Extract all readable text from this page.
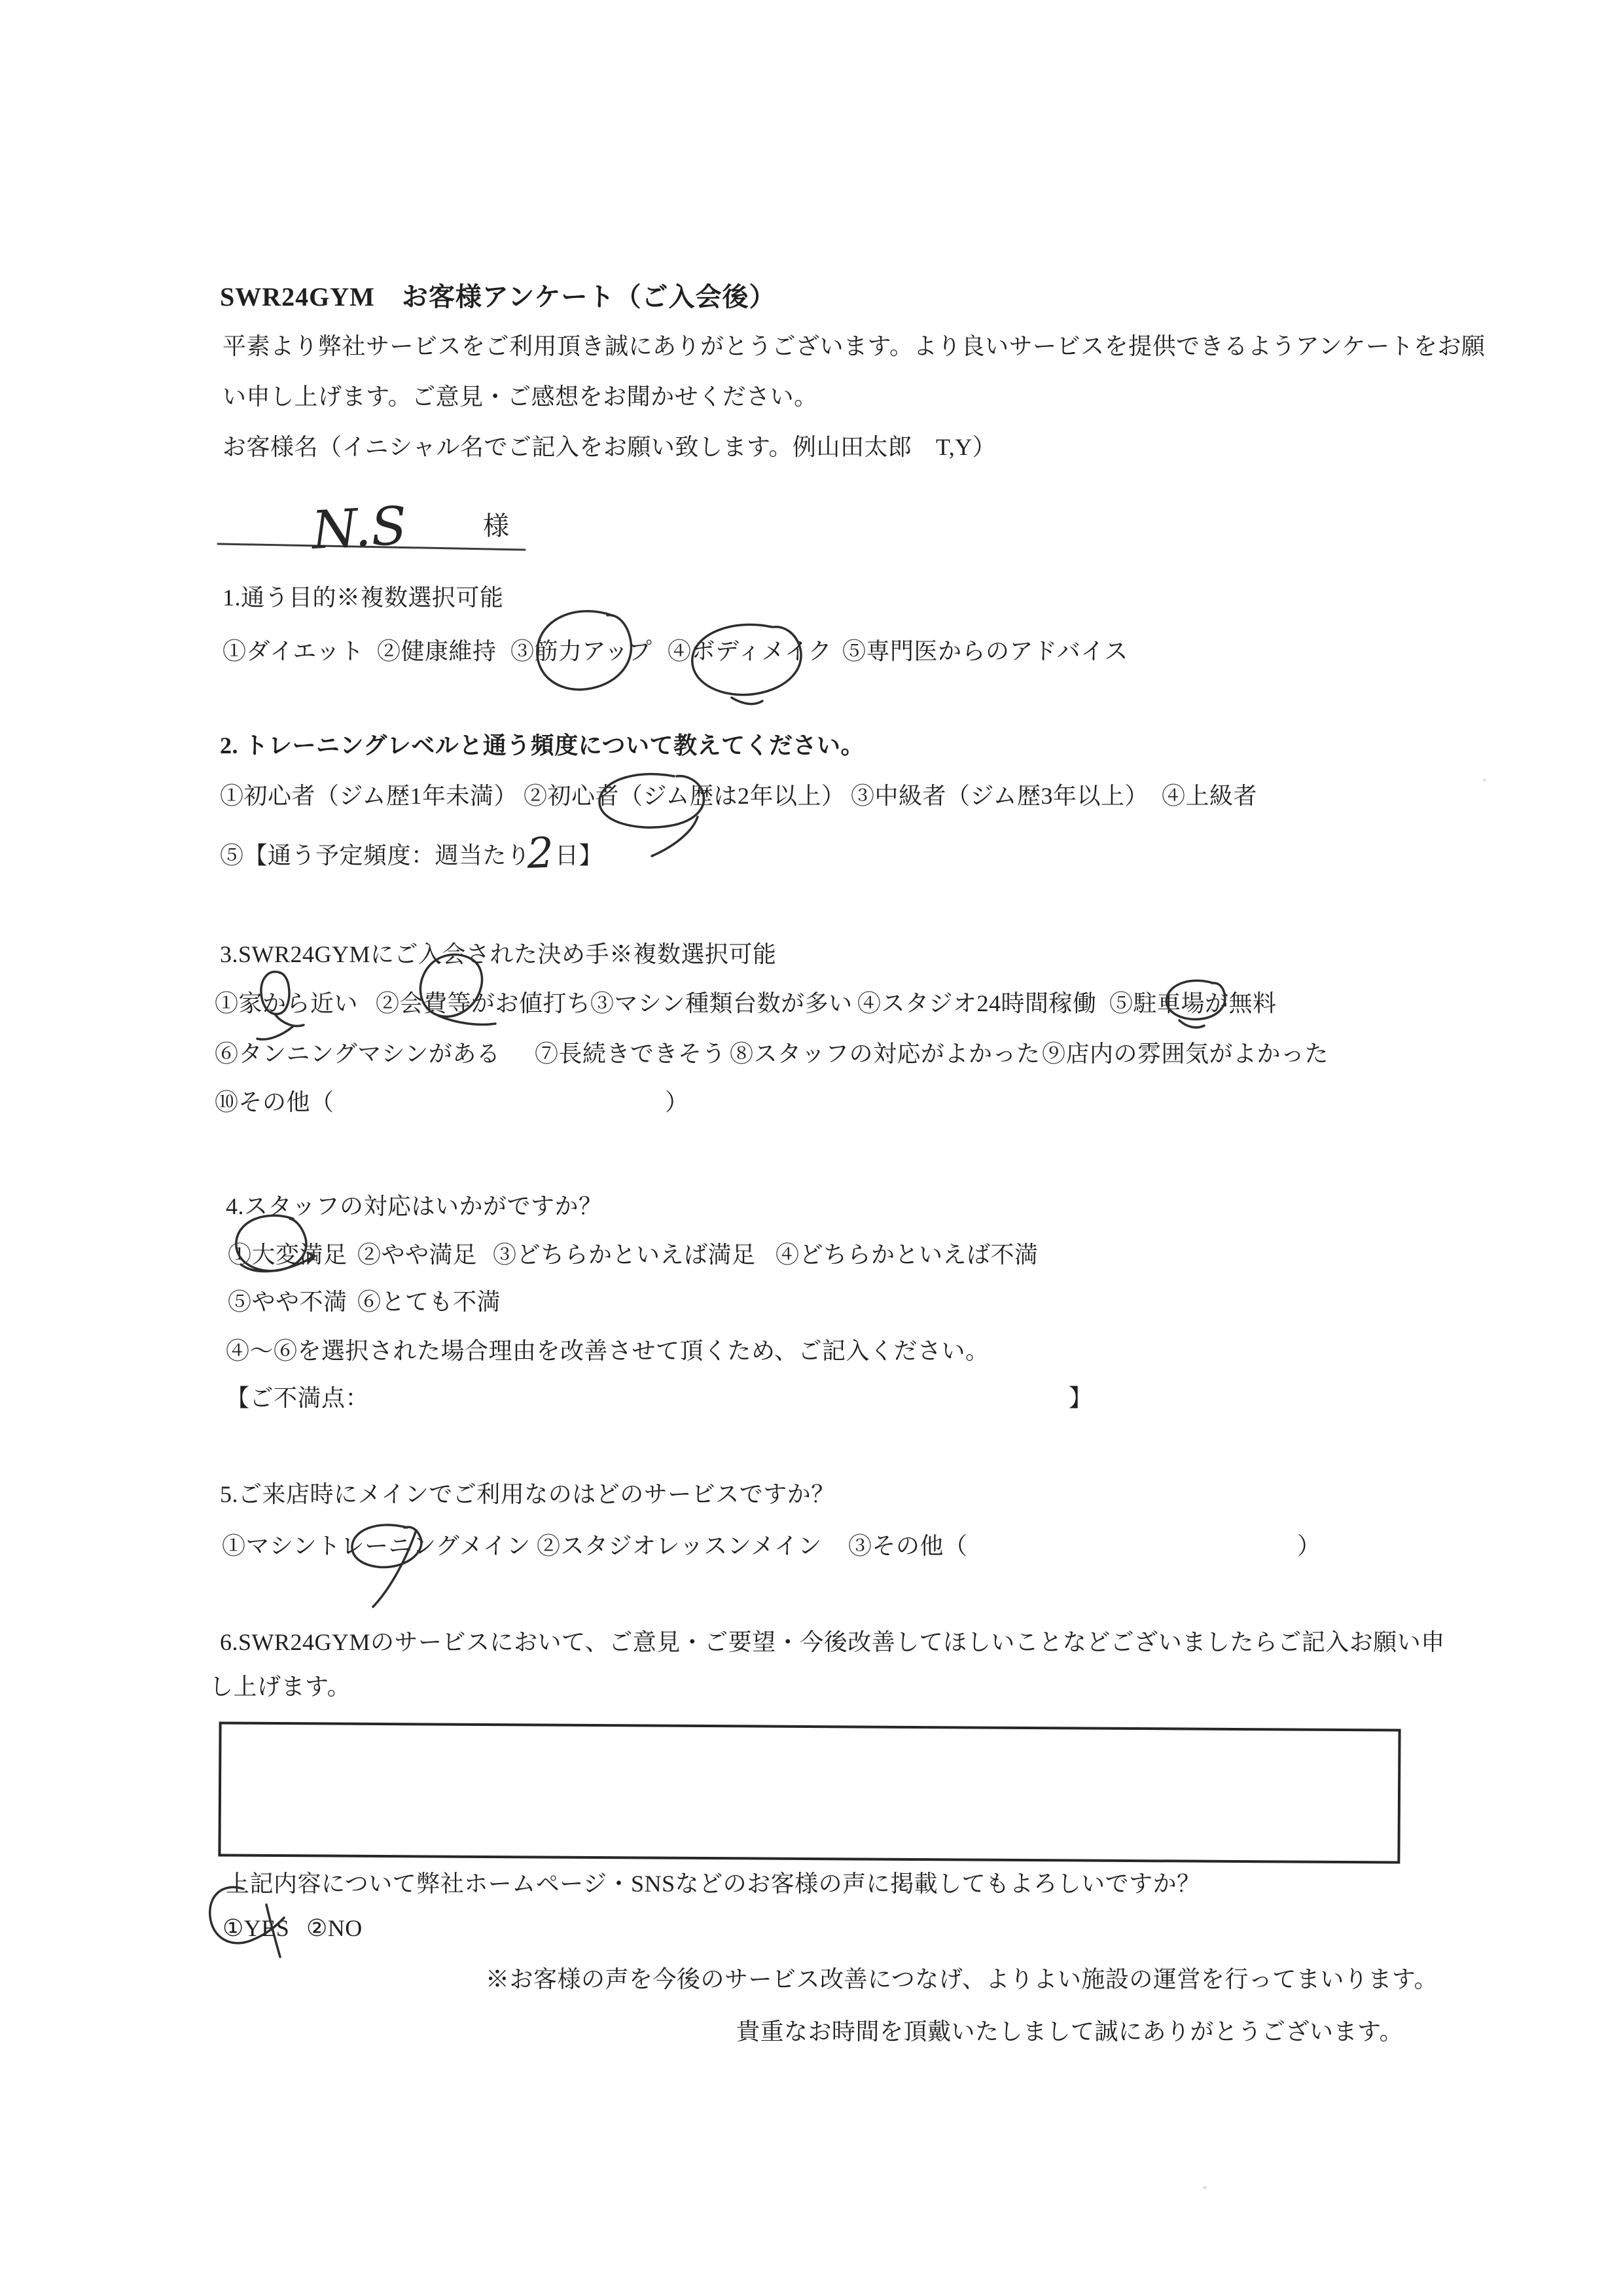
SWR24GYM　お客様アンケート（ご入会後）
平素より弊社サービスをご利用頂き誠にありがとうございます。より良いサービスを提供できるようアンケートをお願
い申し上げます。ご意見・ご感想をお聞かせください。
お客様名（イニシャル名でご記入をお願い致します。例山田太郎　T,Y）
様
1.通う目的※複数選択可能
①ダイエット ②健康維持 ③筋力アップ ④ボディメイク ⑤専門医からのアドバイス
2. トレーニングレベルと通う頻度について教えてください。
①初心者（ジム歴1年未満） ②初心者（ジム歴は2年以上） ③中級者（ジム歴3年以上） ④上級者
⑤【通う予定頻度：週当たり 日】
3.SWR24GYMにご入会された決め手※複数選択可能
①家から近い ②会費等がお値打ち ③マシン種類台数が多い ④スタジオ24時間稼働 ⑤駐車場が無料
⑥タンニングマシンがある ⑦長続きできそう ⑧スタッフの対応がよかった ⑨店内の雰囲気がよかった
⑩その他（	）
4.スタッフの対応はいかがですか？
①大変満足 ②やや満足 ③どちらかといえば満足 ④どちらかといえば不満
⑤やや不満 ⑥とても不満
④～⑥を選択された場合理由を改善させて頂くため、ご記入ください。
【ご不満点：	】
5.ご来店時にメインでご利用なのはどのサービスですか？
①マシントレーニングメイン ②スタジオレッスンメイン ③その他（	）
6.SWR24GYMのサービスにおいて、ご意見・ご要望・今後改善してほしいことなどございましたらご記入お願い申
し上げます。
上記内容について弊社ホームページ・SNSなどのお客様の声に掲載してもよろしいですか？
①YES ②NO
※お客様の声を今後のサービス改善につなげ、よりよい施設の運営を行ってまいります。
貴重なお時間を頂戴いたしまして誠にありがとうございます。
N.S
2
